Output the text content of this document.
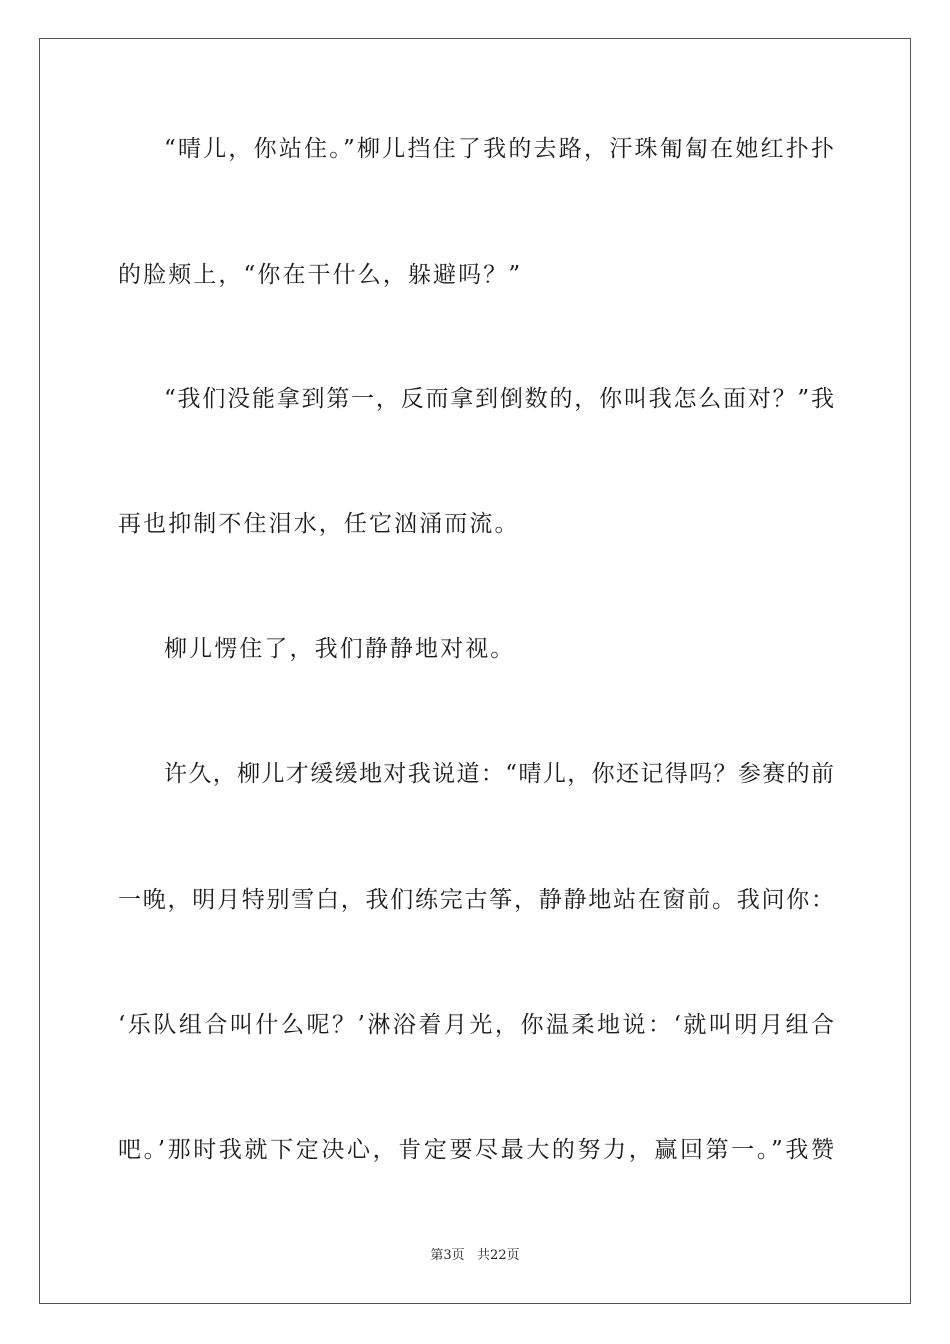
“晴儿，你站住。”柳儿挡住了我的去路，汗珠匍匐在她红扑扑
的脸颊上，“你在干什么，躲避吗？”
“我们没能拿到第一，反而拿到倒数的，你叫我怎么面对？”我
再也抑制不住泪水，任它汹涌而流。
柳儿愣住了，我们静静地对视。
许久，柳儿才缓缓地对我说道：“晴儿，你还记得吗？参赛的前
一晚，明月特别雪白，我们练完古筝，静静地站在窗前。我问你：
‘乐队组合叫什么呢？’淋浴着月光，你温柔地说：‘就叫明月组合
吧。’那时我就下定决心，肯定要尽最大的努力，赢回第一。”我赞
第3页   共22页
